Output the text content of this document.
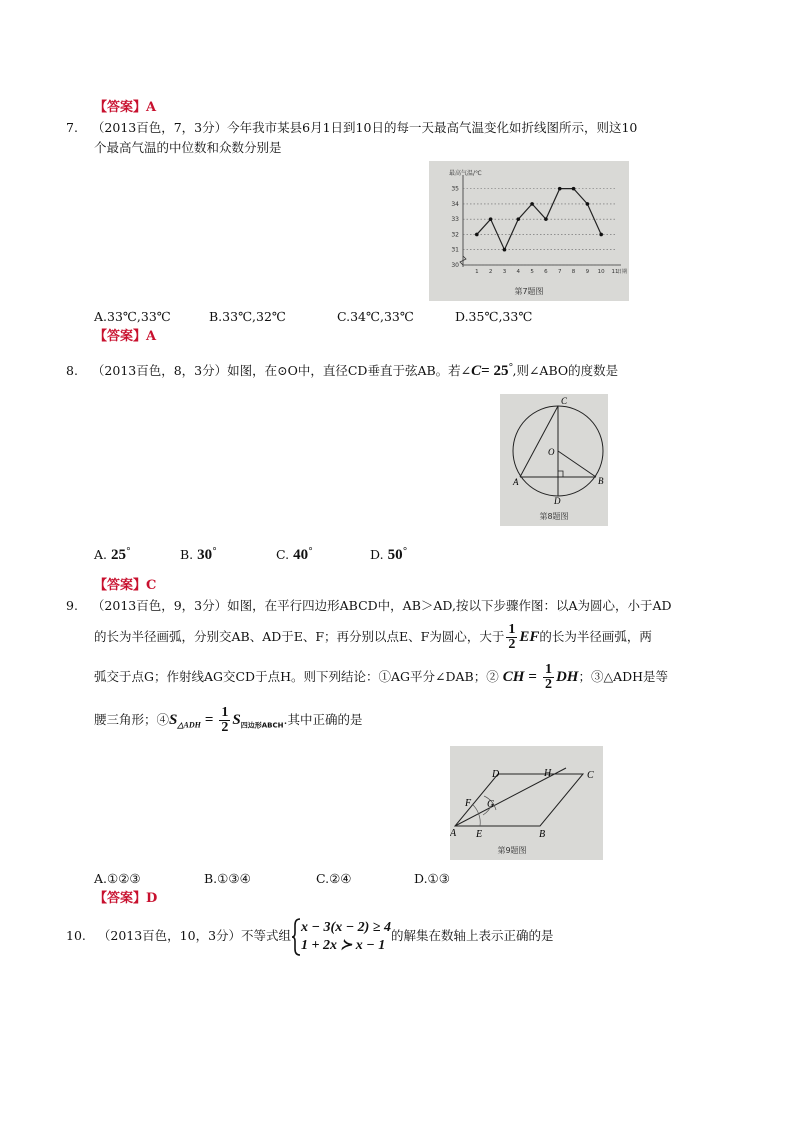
【答案】A
7. （2013百色，7，3分）今年我市某县6月1日到10日的每一天最高气温变化如折线图所示，则这10
个最高气温的中位数和众数分别是
最高气温/℃
日期
第7题图
30
31
32
33
34
35
1 2 3 4 5 6 7 8 9 10 11
A.33℃,33℃	B.33℃,32℃	C.34℃,33℃	D.35℃,33℃
【答案】A
8. （2013百色，8，3分）如图，在⊙O中，直径CD垂直于弦AB。若∠C= 25°,则∠ABO的度数是
C
O
A	B
D
第8题图
A. 25°	B. 30°	C. 40°	D. 50°
【答案】C
9. （2013百色，9，3分）如图，在平行四边形ABCD中，AB＞AD,按以下步骤作图：以A为圆心，小于AD
的长为半径画弧，分别交AB、AD于E、F；再分别以点E、F为圆心，大于 $\frac{1}{2}$ EF的长为半径画弧，两
弧交于点G；作射线AG交CD于点H。则下列结论：①AG平分∠DAB；② CH = $\frac{1}{2}$ DH；③△ADH是等
腰三角形；$④S_{\triangle ADH} = \frac{1}{2} S_{四边形ABCH}$.其中正确的是
D	H	C
F G
A E	B
第9题图
A.①②③	B.①③④	C.②④	D.①③
【答案】D
10. （2013百色，10，3分）不等式组
x − 3(x − 2) ≥ 4
1 + 2x ≻ x − 1
的解集在数轴上表示正确的是
